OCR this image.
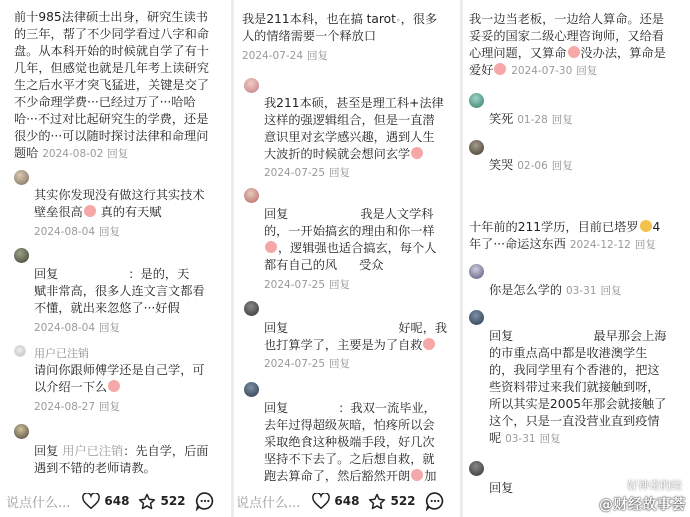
前十985法律硕士出身，研究生读书
的三年，帮了不少同学看过八字和命
盘。从本科开始的时候就自学了有十
几年，但感觉也就是几年考上读研究
生之后水平才突飞猛进，关键是交了
不少命理学费···已经过万了···哈哈
哈···不过对比起研究生的学费，还是
很少的···可以随时探讨法律和命理问
题哈 2024-08-02 回复
其实你发现没有做这行其实技术
壁垒很高 真的有天赋
2024-08-04 回复
回复	：是的，天
赋非常高，很多人连文言文都看
不懂，就出来忽悠了···好假
2024-08-04 回复
用户已注销
请问你跟师傅学还是自己学，可
以介绍一下么
2024-08-27 回复
回复 用户已注销：先自学，后面
遇到不错的老师请教。
说点什么...	648	522
我是211本科，也在搞 tarot◦，很多
人的情绪需要一个释放口
2024-07-24 回复
我211本硕，甚至是理工科+法律
这样的强逻辑组合，但是一直潜
意识里对玄学感兴趣，遇到人生
大波折的时候就会想问玄学
2024-07-25 回复
回复	我是人文学科
的，一开始搞玄的理由和你一样
，逻辑强也适合搞玄，每个人
都有自己的风 受众
2024-07-25 回复
回复	好呢，我
也打算学了，主要是为了自救
2024-07-25 回复
回复	：我双一流毕业，
去年过得超级灰暗，怕疼所以会
采取绝食这种极端手段，好几次
坚持不下去了。之后想自救，就
跑去算命了，然后豁然开朗 加
说点什么...	648	522
我一边当老板，一边给人算命。还是
妥妥的国家二级心理咨询师，又给看
心理问题，又算命 没办法，算命是
爱好 2024-07-30 回复
笑死 01-28 回复
笑哭 02-06 回复
十年前的211学历，目前已塔罗 4
年了···命运这东西 2024-12-12 回复
你是怎么学的 03-31 回复
回复	最早那会上海
的市重点高中都是收港澳学生
的，我同学里有个香港的，把这
些资料带过来我们就接触到呀，
所以其实是2005年那会就接触了
这个，只是一直没营业直到疫情
呢 03-31 回复
回复	好神奇的经
@财经故事荟
